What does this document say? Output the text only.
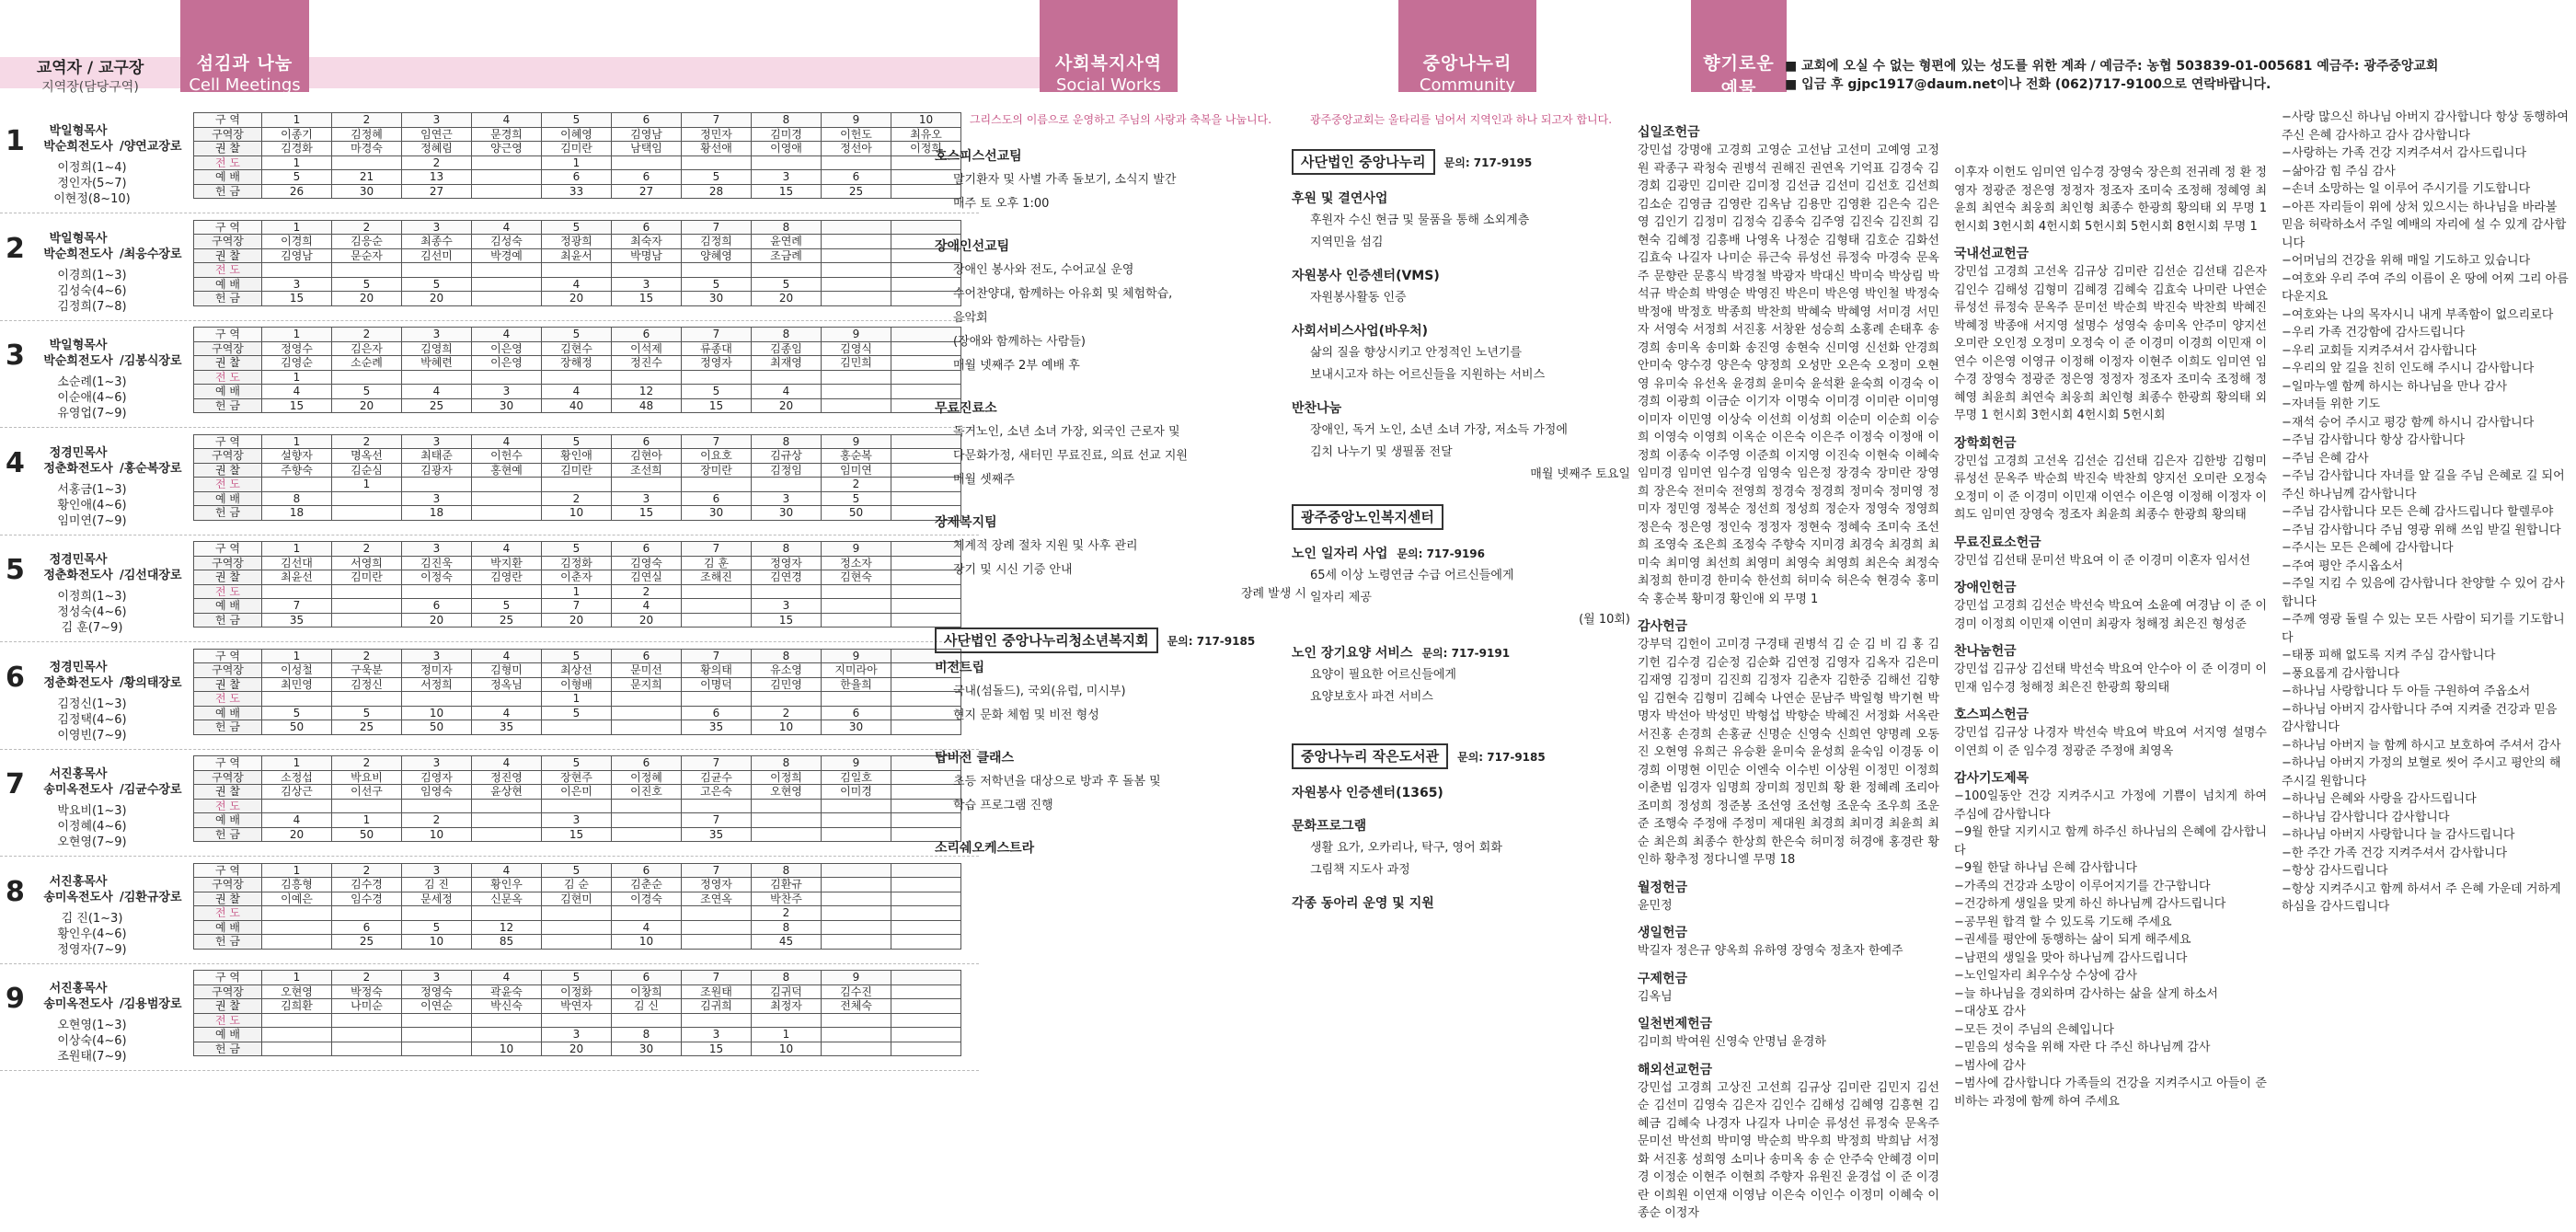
교역자 / 교구장
지역장(담당구역)
섬김과 나눔
Cell Meetings
사회복지사역
Social Works
중앙나누리
Community Center
향기로운 예물
Offerings
■ 교회에 오실 수 없는 형편에 있는 성도를 위한 계좌 / 예금주: 농협 503839-01-005681 예금주: 광주중앙교회
■ 입금 후 gjpc1917@daum.net이나 전화 (062)717-9100으로 연락바랍니다.
1	박일형목사
박순희전도사 /양연교장로
이정희(1~4)
정인자(5~7)
이현정(8~10)
구 역	1	2	3	4	5	6	7	8	9	10
구역장	이종기	김정혜	임연근	문경희	이혜영	김영남	정민자	김미경	이헌도	최유오
권 찰	김경화	마경숙	정혜림	양근영	김미란	남택임	황선애	이영애	정선아	이정희
전 도	1		2		1					
예 배	5	21	13		6	6	5	3	6	
헌 금	26	30	27		33	27	28	15	25	
2	박일형목사
박순희전도사 /최응수장로
이경희(1~3)
김성숙(4~6)
김정희(7~8)
구 역	1	2	3	4	5	6	7	8		
구역장	이경희	김응순	최종수	김성숙	정광희	최숙자	김정희	윤연례		
권 찰	김영남	문순자	김선미	박경예	최윤서	박명남	양혜영	조금례		
전 도										
예 배	3	5	5		4	3	5	5		
헌 금	15	20	20		20	15	30	20		
3	박일형목사
박순희전도사 /김봉식장로
소순례(1~3)
이순애(4~6)
유영업(7~9)
구 역	1	2	3	4	5	6	7	8	9	
구역장	정영수	김은자	김영희	이은영	김현수	이석제	류종대	김종임	김영식	
권 찰	김영순	소순례	박혜련	이은영	장해정	정진수	정영자	최재영	김민희	
전 도	1									
예 배	4	5	4	3	4	12	5	4		
헌 금	15	20	25	30	40	48	15	20		
4	정경민목사
정춘화전도사 /홍순복장로
서홍금(1~3)
황인애(4~6)
임미연(7~9)
구 역	1	2	3	4	5	6	7	8	9	
구역장	설향자	명옥선	최태준	이헌수	황인애	김현아	이요호	김규상	홍순복	
권 찰	주향숙	김순심	김광자	홍현예	김미란	조선희	장미란	김정임	임미연	
전 도		1							2	
예 배	8		3		2	3	6	3	5	
헌 금	18		18		10	15	30	30	50	
5	정경민목사
정춘화전도사 /김선대장로
이정희(1~3)
정성숙(4~6)
김 훈(7~9)
구 역	1	2	3	4	5	6	7	8	9	
구역장	김선대	서영희	김진욱	박지환	김정화	김영숙	김 훈	정영자	정소자	
권 찰	최윤선	김미란	이정숙	김영란	이춘자	김연실	조해진	김연경	김현숙	
전 도					1	2				
예 배	7		6	5	7	4		3		
헌 금	35		20	25	20	20		15		
6	정경민목사
정춘화전도사 /황의태장로
김정신(1~3)
김정택(4~6)
이영빈(7~9)
구 역	1	2	3	4	5	6	7	8	9	
구역장	이성철	구욱분	정미자	김형미	최상선	문미선	황의태	유소영	지미라아	
권 찰	최민영	김정신	서정희	정옥님	이형배	문지희	이명덕	김민영	한율희	
전 도					1					
예 배	5	5	10	4	5		6	2	6	
헌 금	50	25	50	35			35	10	30	
7	서진홍목사
송미옥전도사 /김균수장로
박요비(1~3)
이정혜(4~6)
오현영(7~9)
구 역	1	2	3	4	5	6	7	8	9	
구역장	소정섭	박요비	김영자	정진영	장현주	이정혜	김균수	이정희	김일호	
권 찰	김상근	이선구	임영숙	윤상현	이은미	이진호	고은숙	오현영	이미경	
전 도										
예 배	4	1	2		3		7			
헌 금	20	50	10		15		35			
8	서진홍목사
송미옥전도사 /김환규장로
김 진(1~3)
황인우(4~6)
정영자(7~9)
구 역	1	2	3	4	5	6	7	8		
구역장	김흥형	김수경	김 진	황인우	김 순	김춘순	정영자	김환규		
권 찰	이예은	임수경	문세정	신문옥	김현미	이경숙	조연옥	박찬주		
전 도								2		
예 배		6	5	12		4		8		
헌 금		25	10	85		10		45		
9	서진홍목사
송미옥전도사 /김용범장로
오현영(1~3)
이상숙(4~6)
조원태(7~9)
구 역	1	2	3	4	5	6	7	8	9	
구역장	오현영	박정숙	정영숙	곽윤숙	이정화	이창희	조원태	김귀덕	김수진	
권 찰	김희환	나미순	이연순	박신숙	박연자	김 신	김귀희	최정자	전체숙	
전 도										
예 배					3	8	3	1		
헌 금				10	20	30	15	10		
그리스도의 이름으로 운영하고 주님의 사랑과 축복을 나눕니다.
호스피스선교팀
말기환자 및 사별 가족 돌보기, 소식지 발간
매주 토 오후 1:00
장애인선교팀
장애인 봉사와 전도, 수어교실 운영
수어찬양대, 함께하는 아유회 및 체험학습,
음악회
(장애와 함께하는 사람들)
매월 넷째주 2부 예배 후
무료진료소
독거노인, 소년 소녀 가장, 외국인 근로자 및
다문화가정, 새터민 무료진료, 의료 선교 지원
매월 셋째주
장제복지팀
체계적 장례 절차 지원 및 사후 관리
장기 및 시신 기증 안내
장례 발생 시
사단법인 중앙나누리청소년복지회 문의: 717-9185
비전트립
국내(섬돌드), 국외(유럽, 미시부)
현지 문화 체험 및 비전 형성
탑비전 클래스
초등 저학년을 대상으로 방과 후 돌봄 및
학습 프로그램 진행
소리쉐오케스트라
광주중앙교회는 울타리를 넘어서 지역인과 하나 되고자 합니다.
사단법인 중앙나누리 문의: 717-9195
후원 및 결연사업
후원자 수신 현금 및 물품을 통해 소외계층
지역민을 섬김
자원봉사 인증센터(VMS)
자원봉사활동 인증
사회서비스사업(바우처)
삶의 질을 향상시키고 안정적인 노년기를
보내시고자 하는 어르신들을 지원하는 서비스
반찬나눔
장애인, 독거 노인, 소년 소녀 가장, 저소득 가정에
김치 나누기 및 생필품 전달
매월 넷째주 토요일
광주중앙노인복지센터
노인 일자리 사업 문의: 717-9196
65세 이상 노령연금 수급 어르신들에게
일자리 제공
(월 10회)
노인 장기요양 서비스 문의: 717-9191
요양이 필요한 어르신들에게
요양보호사 파견 서비스
중앙나누리 작은도서관 문의: 717-9185
자원봉사 인증센터(1365)
문화프로그램
생활 요가, 오카리나, 탁구, 영어 회화
그림책 지도사 과정
각종 동아리 운영 및 지원
십일조헌금
강민섭 강명애 고경희 고영순 고선남 고선미 고예영 고정원 곽종구 곽청숙 권병석 권해진 권연옥 기억표 김경숙 김경회 김광민 김미란 김미정 김선금 김선미 김선호 김선희 김소순 김영금 김영란 김옥남 김용만 김영환 김은숙 김은영 김인기 김정미 김정숙 김종숙 김주영 김진숙 김진희 김현숙 김혜정 김흥배 나영옥 나정순 김형태 김호순 김화선 김효숙 나길자 나미순 류근숙 류성선 류정숙 마경숙 문옥주 문향란 문흥식 박경철 박광자 박대신 박미숙 박상림 박석규 박순희 박영순 박영진 박은미 박은영 박인철 박정숙 박정애 박정호 박종희 박찬희 박혜숙 박혜영 서미경 서민자 서영숙 서정희 서진홍 서창완 성승희 소홍례 손태후 송경희 송미옥 송미화 송진영 송현숙 신미영 신선화 안경희 안미숙 양수경 양은숙 양정희 오성만 오은숙 오정미 오현영 유미숙 유선옥 윤경희 윤미숙 윤석환 윤숙희 이경숙 이경희 이광희 이금순 이기자 이명숙 이미경 이미란 이미영 이미자 이민영 이상숙 이선희 이성희 이순미 이순희 이승희 이영숙 이영희 이옥순 이은숙 이은주 이정숙 이정애 이정희 이종숙 이주영 이준희 이지영 이진숙 이현숙 이혜숙 임미경 임미연 임수경 임영숙 임은정 장경숙 장미란 장영희 장은숙 전미숙 전영희 정경숙 정경희 정미숙 정미영 정미자 정민영 정복순 정선희 정성희 정순자 정영숙 정영희 정은숙 정은영 정인숙 정정자 정현숙 정혜숙 조미숙 조선희 조영숙 조은희 조정숙 주향숙 지미경 최경숙 최경희 최미숙 최미영 최선희 최영미 최영숙 최영희 최은숙 최정숙 최정희 한미경 한미숙 한선희 허미숙 허은숙 현경숙 홍미숙 홍순복 황미경 황인애 외 무명 1
감사헌금
강부덕 김헌이 고미경 구경태 권병석 김 순 김 비 김 홍 김기헌 김수경 김순정 김순화 김연정 김영자 김옥자 김은미 김재영 김정미 김진희 김정자 김춘자 김한중 김해선 김향임 김현숙 김형미 김혜숙 나연순 문남주 박일형 박기현 박명자 박선아 박성민 박형섭 박향순 박혜진 서정화 서옥란 서진홍 손경희 손홍균 신명순 신영숙 신희연 양명례 오동진 오현영 유희근 유승환 윤미숙 윤성희 윤숙임 이경동 이경희 이명현 이민순 이엔숙 이수빈 이상원 이정민 이정희 이춘범 임경자 임명희 장미희 정민희 황 환 정혜례 조리아 조미희 정성희 정준봉 조선영 조선형 조운숙 조우희 조운준 조행숙 주정애 주정미 제대원 최경희 최미경 최윤희 최 순 최은희 최종수 한상희 한은숙 허미정 허경애 홍경란 황인하 황추정 정다니엘 무명 18
월정헌금
윤민정
생일헌금
박길자 정은규 양옥희 유하영 장영숙 정초자 한예주
구제헌금
김옥님
일천번제헌금
김미희 박여원 신영숙 안명님 윤경하
해외선교헌금
강민섭 고경희 고상진 고선희 김규상 김미란 김민지 김선순 김선미 김영숙 김은자 김인수 김해성 김혜영 김흥현 김혜금 김혜숙 나경자 나길자 나미순 류성선 류정숙 문옥주 문미선 박선희 박미영 박순희 박우희 박정희 박희남 서정화 서진홍 성희영 소미나 송미옥 송 순 안주숙 안혜경 이미경 이정순 이현주 이현희 주향자 유원진 윤경섭 이 준 이경란 이희원 이연재 이영남 이은숙 이인수 이정미 이혜숙 이종순 이정자
이후자 이헌도 임미연 임수경 장영숙 장은희 전귀례 정 환 정영자 정광준 정은영 정정자 정조자 조미숙 조정해 정혜영 최윤희 최연숙 최웅희 최인형 최종수 한광희 황의태 외 무명 1 헌시회 3헌시회 4헌시회 5헌시회 5헌시회 8헌시회 무명 1
국내선교헌금
강민섭 고경희 고선옥 김규상 김미란 김선순 김선태 김은자 김인수 김해성 김형미 김혜경 김혜숙 김효숙 나미란 나연순 류성선 류정숙 문옥주 문미선 박순희 박진숙 박찬희 박혜진 박혜정 박종애 서지영 설명수 성영숙 송미옥 안주미 양지선 오미란 오인정 오정미 오정숙 이 준 이경미 이경희 이민재 이연수 이은영 이영규 이정해 이정자 이현주 이희도 임미연 임수경 장영숙 정광준 정은영 정정자 정조자 조미숙 조정해 정혜영 최윤희 최연숙 최웅희 최인형 최종수 한광희 황의태 외 무명 1 헌시회 3헌시회 4헌시회 5헌시회
장학회헌금
강민섭 고경희 고선옥 김선순 김선태 김은자 김한방 김형미 류성선 문옥주 박순희 박진숙 박찬희 양지선 오미란 오정숙 오정미 이 준 이경미 이민재 이연수 이은영 이정해 이정자 이희도 임미연 장영숙 정조자 최윤희 최종수 한광희 황의태
무료진료소헌금
강민섭 김선태 문미선 박요여 이 준 이경미 이혼자 임서선
장애인헌금
강민섭 고경희 김선순 박선숙 박요여 소윤예 여경남 이 준 이경미 이정희 이민재 이연미 최광자 청해정 최은진 형성준
찬나눔헌금
강민섭 김규상 김선태 박선숙 박요여 안수아 이 준 이경미 이민재 임수경 청해정 최은진 한광희 황의태
호스피스헌금
강민섭 김규상 나경자 박선숙 박요여 박요여 서지영 설명수 이연희 이 준 임수경 정광준 주정애 최영옥
감사기도제목
−100일동안 건강 지켜주시고 가정에 기쁨이 넘치게 하여 주심에 감사합니다
−9월 한달 지키시고 함께 하주신 하나님의 은혜에 감사합니다
−9월 한달 하나님 은혜 감사합니다
−가족의 건강과 소망이 이루어지기를 간구합니다
−건강하게 생일을 맞게 하신 하나님께 감사드립니다
−공무원 합격 할 수 있도록 기도해 주세요
−권세를 평안에 동행하는 삶이 되게 해주세요
−남편의 생일을 맞아 하나님께 감사드립니다
−노인일자리 최우수상 수상에 감사
−늘 하나님을 경외하며 감사하는 삶을 살게 하소서
−대상포 감사
−모든 것이 주님의 은혜입니다
−믿음의 성숙을 위해 자란 다 주신 하나님께 감사
−범사에 감사
−범사에 감사합니다 가족들의 건강을 지켜주시고 아들이 준비하는 과정에 함께 하여 주세요
−사랑 많으신 하나님 아버지 감사합니다 항상 동행하여 주신 은혜 감사하고 감사 감사합니다
−사랑하는 가족 건강 지켜주셔서 감사드립니다
−삶아감 힘 주심 감사
−손녀 소망하는 일 이루어 주시기를 기도합니다
−아픈 자리들이 위에 상처 있으시는 하나님을 바라볼 믿음 허락하소서 주일 예배의 자리에 설 수 있게 감사합니다
−어머님의 건강을 위해 매일 기도하고 있습니다
−여호와 우리 주여 주의 이름이 온 땅에 어찌 그리 아름다운지요
−여호와는 나의 목자시니 내게 부족함이 없으리로다
−우리 가족 건강함에 감사드립니다
−우리 교회들 지켜주셔서 감사합니다
−우리의 앞 길을 친히 인도해 주시니 감사합니다
−일마누엘 함께 하시는 하나님을 만나 감사
−자녀들 위한 기도
−재석 승어 주시고 평강 함께 하시니 감사합니다
−주님 감사합니다 항상 감사합니다
−주님 은혜 감사
−주님 감사합니다 자녀를 앞 길을 주님 은혜로 길 되어 주신 하나님께 감사합니다
−주님 감사합니다 모든 은혜 감사드립니다 할렐루야
−주님 감사합니다 주님 영광 위해 쓰임 받길 원합니다
−주시는 모든 은혜에 감사합니다
−주여 평안 주시옵소서
−주일 지킴 수 있음에 감사합니다 찬양할 수 있어 감사합니다
−주께 영광 돌릴 수 있는 모든 사람이 되기를 기도합니다
−태풍 피해 없도록 지켜 주심 감사합니다
−풍요롭게 감사합니다
−하나님 사랑합니다 두 아들 구원하여 주옵소서
−하나님 아버지 감사합니다 주여 지켜줄 건강과 믿음 감사합니다
−하나님 아버지 늘 함께 하시고 보호하여 주셔서 감사
−하나님 아버지 가정의 보혈로 씻어 주시고 평안의 해 주시길 원합니다
−하나님 은혜와 사랑을 감사드립니다
−하나님 감사합니다 감사합니다
−하나님 아버지 사랑합니다 늘 감사드립니다
−한 주간 가족 건강 지켜주셔서 감사합니다
−항상 감사드립니다
−항상 지켜주시고 함께 하셔서 주 은혜 가운데 거하게 하심을 감사드립니다
